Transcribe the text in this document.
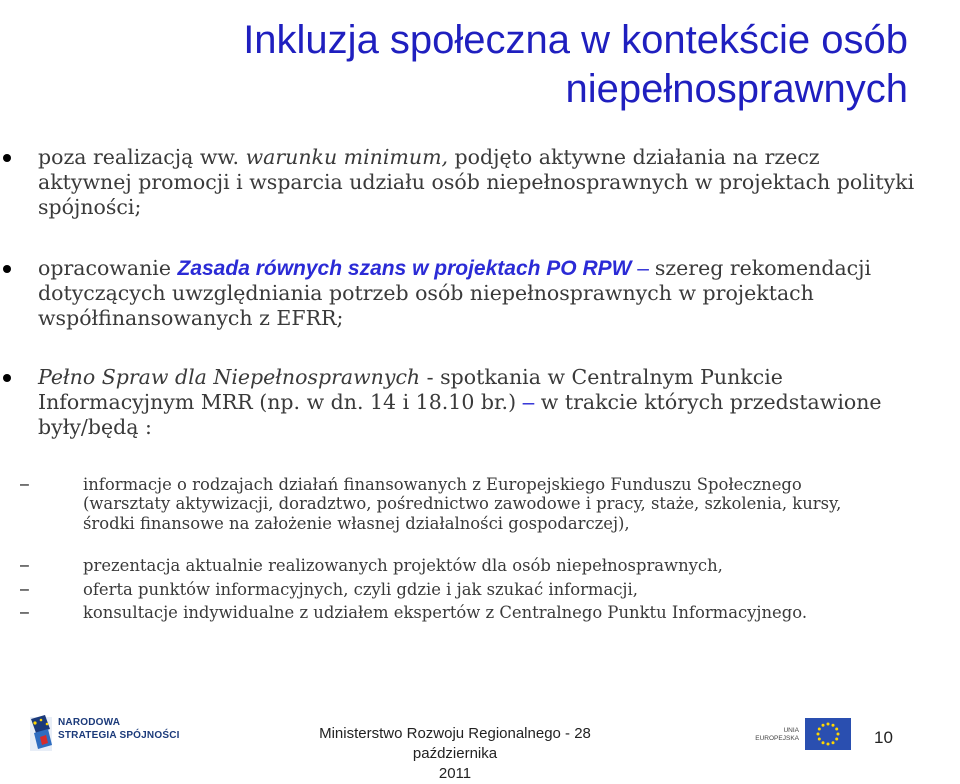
Inkluzja społeczna w kontekście osób
niepełnosprawnych
poza realizacją ww. warunku minimum, podjęto aktywne działania na rzecz aktywnej promocji i wsparcia udziału osób niepełnosprawnych w projektach polityki spójności;
opracowanie Zasada równych szans w projektach PO RPW – szereg rekomendacji dotyczących uwzględniania potrzeb osób niepełnosprawnych w projektach współfinansowanych z EFRR;
Pełno Spraw dla Niepełnosprawnych - spotkania w Centralnym Punkcie Informacyjnym MRR (np. w dn. 14 i 18.10 br.) – w trakcie których przedstawione były/będą :
–	informacje o rodzajach działań finansowanych z Europejskiego Funduszu Społecznego (warsztaty aktywizacji, doradztwo, pośrednictwo zawodowe i pracy, staże, szkolenia, kursy, środki finansowe na założenie własnej działalności gospodarczej),
–	prezentacja aktualnie realizowanych projektów dla osób niepełnosprawnych,
–	oferta punktów informacyjnych, czyli gdzie i jak szukać informacji,
–	konsultacje indywidualne z udziałem ekspertów z Centralnego Punktu Informacyjnego.
NARODOWA
STRATEGIA SPÓJNOŚCI	Ministerstwo Rozwoju Regionalnego - 28 października
2011
UNIA
EUROPEJSKA	10
